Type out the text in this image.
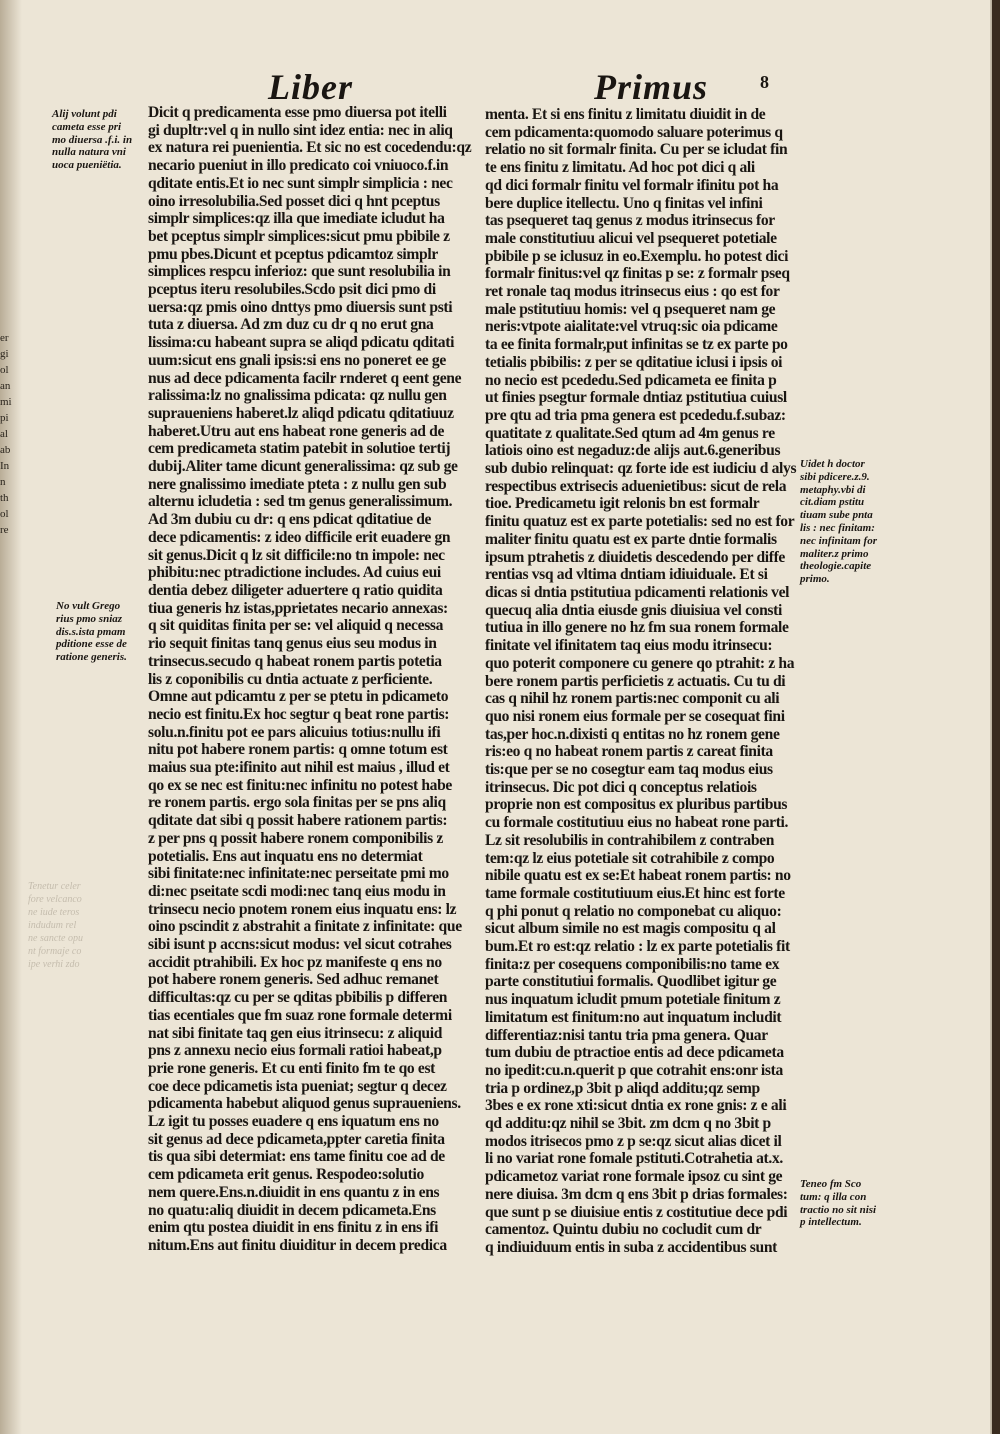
er
gi
ol
an
mi
pi
al
ab
In
n
th
ol
re
Liber	Primus	8

Alij volunt pdi

cameta esse pri

mo diuersa .f.i. in

nulla natura vni

uoca pueniëtia.

No vult Grego

rius pmo sniaz

dis.s.ista pmam

pditione esse de

ratione generis.

Uidet h doctor

sibi pdicere.z.9.

metaphy.vbi di

cit.diam pstitu

tiuam sube pnta

lis : nec finitam:

nec infinitam for

maliter.z primo

theologie.capite

primo.

Teneo fm Sco

tum: q illa con

tractio no sit nisi

p intellectum.

Tenetur celer

fore velcanco

ne iude teros

indudum rel

ne sancte opu

nt formaje co

ipe verhi zdo

Dicit q predicamenta esse pmo diuersa pot itelli

gi dupltr:vel q in nullo sint idez entia: nec in aliq

ex natura rei puenientia. Et sic no est cocedendu:qz

necario pueniut in illo predicato coi vniuoco.f.in

qditate entis.Et io nec sunt simplr simplicia : nec

oino irresolubilia.Sed posset dici q hnt pceptus

simplr simplices:qz illa que imediate icludut ha

bet pceptus simplr simplices:sicut pmu pbibile z

pmu pbes.Dicunt et pceptus pdicamtoz simplr

simplices respcu inferioz: que sunt resolubilia in

pceptus iteru resolubiles.Scdo psit dici pmo di

uersa:qz pmis oino dnttys pmo diuersis sunt psti

tuta z diuersa. Ad zm duz cu dr q no erut gna

lissima:cu habeant supra se aliqd pdicatu qditati

uum:sicut ens gnali ipsis:si ens no poneret ee ge

nus ad dece pdicamenta facilr rnderet q eent gene

ralissima:lz no gnalissima pdicata: qz nullu gen

supraueniens haberet.lz aliqd pdicatu qditatiuuz

haberet.Utru aut ens habeat rone generis ad de

cem predicameta statim patebit in solutioe tertij

dubij.Aliter tame dicunt generalissima: qz sub ge

nere gnalissimo imediate pteta : z nullu gen sub

alternu icludetia : sed tm genus generalissimum.

Ad 3m dubiu cu dr: q ens pdicat qditatiue de

dece pdicamentis: z ideo difficile erit euadere gn

sit genus.Dicit q lz sit difficile:no tn impole: nec

phibitu:nec ptradictione includes. Ad cuius eui

dentia debez diligeter aduertere q ratio quidita

tiua generis hz istas,pprietates necario annexas:

q sit quiditas finita per se: vel aliquid q necessa

rio sequit finitas tanq genus eius seu modus in

trinsecus.secudo q habeat ronem partis potetia

lis z coponibilis cu dntia actuate z perficiente.

Omne aut pdicamtu z per se ptetu in pdicameto

necio est finitu.Ex hoc segtur q beat rone partis:

solu.n.finitu pot ee pars alicuius totius:nullu ifi

nitu pot habere ronem partis: q omne totum est

maius sua pte:ifinito aut nihil est maius , illud et

qo ex se nec est finitu:nec infinitu no potest habe

re ronem partis. ergo sola finitas per se pns aliq

qditate dat sibi q possit habere rationem partis:

z per pns q possit habere ronem componibilis z

potetialis. Ens aut inquatu ens no determiat

sibi finitate:nec infinitate:nec perseitate pmi mo

di:nec pseitate scdi modi:nec tanq eius modu in

trinsecu necio pnotem ronem eius inquatu ens: lz

oino pscindit z abstrahit a finitate z infinitate: que

sibi isunt p accns:sicut modus: vel sicut cotrahes

accidit ptrahibili. Ex hoc pz manifeste q ens no

pot habere ronem generis. Sed adhuc remanet

difficultas:qz cu per se qditas pbibilis p differen

tias ecentiales que fm suaz rone formale determi

nat sibi finitate taq gen eius itrinsecu: z aliquid

pns z annexu necio eius formali ratioi habeat,p

prie rone generis. Et cu enti finito fm te qo est

coe dece pdicametis ista pueniat; segtur q decez

pdicamenta habebut aliquod genus supraueniens.

Lz igit tu posses euadere q ens iquatum ens no

sit genus ad dece pdicameta,ppter caretia finita

tis qua sibi determiat: ens tame finitu coe ad de

cem pdicameta erit genus. Respodeo:solutio

nem quere.Ens.n.diuidit in ens quantu z in ens

no quatu:aliq diuidit in decem pdicameta.Ens

enim qtu postea diuidit in ens finitu z in ens ifi

nitum.Ens aut finitu diuiditur in decem predica

menta. Et si ens finitu z limitatu diuidit in de

cem pdicamenta:quomodo saluare poterimus q

relatio no sit formalr finita. Cu per se icludat fin

te ens finitu z limitatu. Ad hoc pot dici q ali

qd dici formalr finitu vel formalr ifinitu pot ha

bere duplice itellectu. Uno q finitas vel infini

tas psequeret taq genus z modus itrinsecus for

male constitutiuu alicui vel psequeret potetiale

pbibile p se iclusuz in eo.Exemplu. ho potest dici

formalr finitus:vel qz finitas p se: z formalr pseq

ret ronale taq modus itrinsecus eius : qo est for

male pstitutiuu homis: vel q psequeret nam ge

neris:vtpote aialitate:vel vtruq:sic oia pdicame

ta ee finita formalr,put infinitas se tz ex parte po

tetialis pbibilis: z per se qditatiue iclusi i ipsis oi

no necio est pcededu.Sed pdicameta ee finita p

ut finies psegtur formale dntiaz pstitutiua cuiusl

pre qtu ad tria pma genera est pcededu.f.subaz:

quatitate z qualitate.Sed qtum ad 4m genus re

latiois oino est negaduz:de alijs aut.6.generibus

sub dubio relinquat: qz forte ide est iudiciu d alys

respectibus extrisecis aduenietibus: sicut de rela

tioe. Predicametu igit relonis bn est formalr

finitu quatuz est ex parte potetialis: sed no est for

maliter finitu quatu est ex parte dntie formalis

ipsum ptrahetis z diuidetis descedendo per diffe

rentias vsq ad vltima dntiam idiuiduale. Et si

dicas si dntia pstitutiua pdicamenti relationis vel

quecuq alia dntia eiusde gnis diuisiua vel consti

tutiua in illo genere no hz fm sua ronem formale

finitate vel ifinitatem taq eius modu itrinsecu:

quo poterit componere cu genere qo ptrahit: z ha

bere ronem partis perficietis z actuatis. Cu tu di

cas q nihil hz ronem partis:nec componit cu ali

quo nisi ronem eius formale per se cosequat fini

tas,per hoc.n.dixisti q entitas no hz ronem gene

ris:eo q no habeat ronem partis z careat finita

tis:que per se no cosegtur eam taq modus eius

itrinsecus. Dic pot dici q conceptus relatiois

proprie non est compositus ex pluribus partibus

cu formale costitutiuu eius no habeat rone parti.

Lz sit resolubilis in contrahibilem z contraben

tem:qz lz eius potetiale sit cotrahibile z compo

nibile quatu est ex se:Et habeat ronem partis: no

tame formale costitutiuum eius.Et hinc est forte

q phi ponut q relatio no componebat cu aliquo:

sicut album simile no est magis compositu q al

bum.Et ro est:qz relatio : lz ex parte potetialis fit

finita:z per cosequens componibilis:no tame ex

parte constitutiui formalis. Quodlibet igitur ge

nus inquatum icludit pmum potetiale finitum z

limitatum est finitum:no aut inquatum includit

differentiaz:nisi tantu tria pma genera. Quar

tum dubiu de ptractioe entis ad dece pdicameta

no ipedit:cu.n.querit p que cotrahit ens:onr ista

tria p ordinez,p 3bit p aliqd additu;qz semp

3bes e ex rone xti:sicut dntia ex rone gnis: z e ali

qd additu:qz nihil se 3bit. zm dcm q no 3bit p

modos itrisecos pmo z p se:qz sicut alias dicet il

li no variat rone fomale pstituti.Cotrahetia at.x.

pdicametoz variat rone formale ipsoz cu sint ge

nere diuisa. 3m dcm q ens 3bit p drias formales:

que sunt p se diuisiue entis z costitutiue dece pdi

camentoz. Quintu dubiu no cocludit cum dr

q indiuiduum entis in suba z accidentibus sunt
